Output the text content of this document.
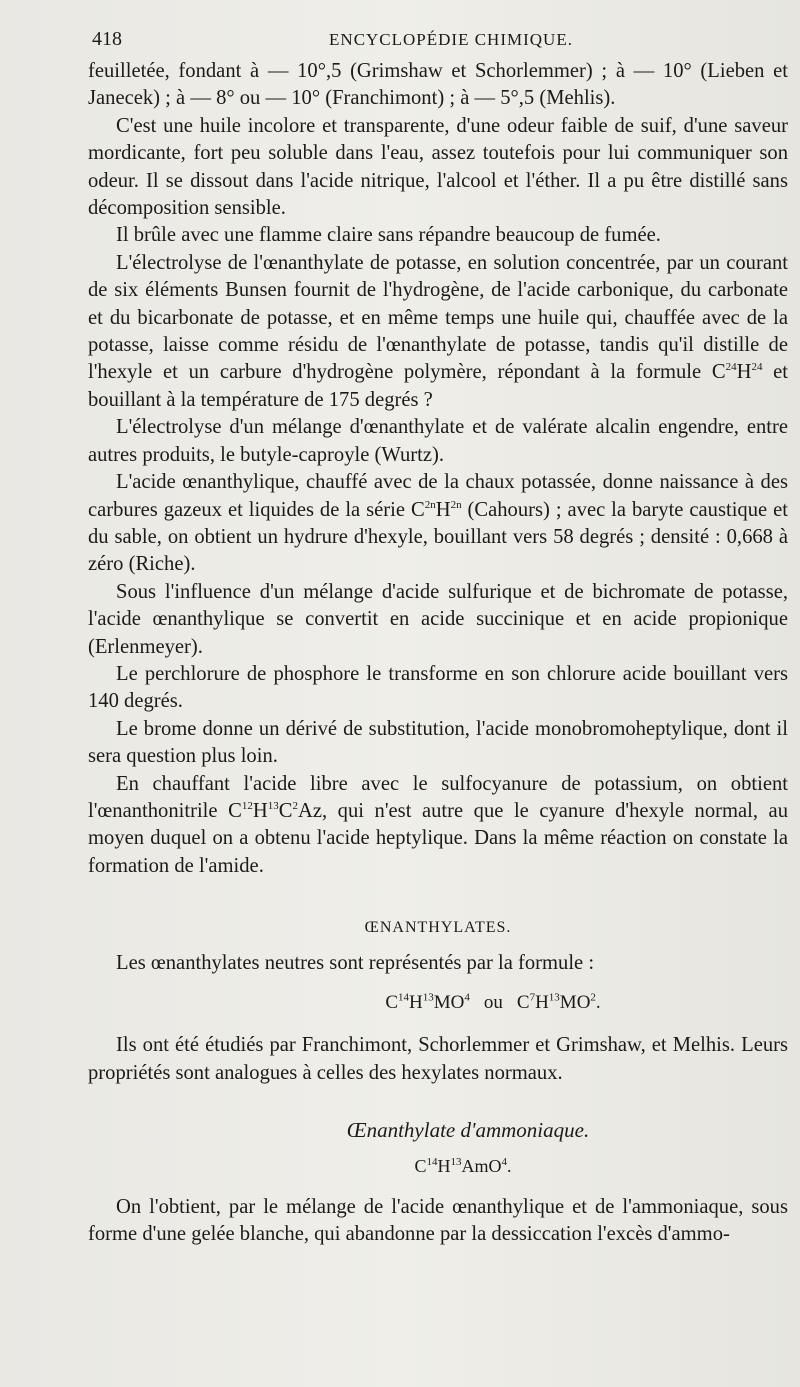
418	ENCYCLOPÉDIE CHIMIQUE.

feuilletée, fondant à — 10°,5 (Grimshaw et Schorlemmer) ; à — 10° (Lieben et Janecek) ; à — 8° ou — 10° (Franchimont) ; à — 5°,5 (Mehlis).

C'est une huile incolore et transparente, d'une odeur faible de suif, d'une saveur mordicante, fort peu soluble dans l'eau, assez toutefois pour lui communiquer son odeur. Il se dissout dans l'acide nitrique, l'alcool et l'éther. Il a pu être distillé sans décomposition sensible.

Il brûle avec une flamme claire sans répandre beaucoup de fumée.

L'électrolyse de l'œnanthylate de potasse, en solution concentrée, par un courant de six éléments Bunsen fournit de l'hydrogène, de l'acide carbonique, du carbonate et du bicarbonate de potasse, et en même temps une huile qui, chauffée avec de la potasse, laisse comme résidu de l'œnanthylate de potasse, tandis qu'il distille de l'hexyle et un carbure d'hydrogène polymère, répondant à la formule $C^{24}H^{24}$ et bouillant à la température de 175 degrés ?

L'électrolyse d'un mélange d'œnanthylate et de valérate alcalin engendre, entre autres produits, le butyle-caproyle (Wurtz).

L'acide œnanthylique, chauffé avec de la chaux potassée, donne naissance à des carbures gazeux et liquides de la série $C^{2n}H^{2n}$ (Cahours) ; avec la baryte caustique et du sable, on obtient un hydrure d'hexyle, bouillant vers 58 degrés ; densité : 0,668 à zéro (Riche).

Sous l'influence d'un mélange d'acide sulfurique et de bichromate de potasse, l'acide œnanthylique se convertit en acide succinique et en acide propionique (Erlenmeyer).

Le perchlorure de phosphore le transforme en son chlorure acide bouillant vers 140 degrés.

Le brome donne un dérivé de substitution, l'acide monobromoheptylique, dont il sera question plus loin.

En chauffant l'acide libre avec le sulfocyanure de potassium, on obtient l'œnanthonitrile $C^{12}H^{13}C^2Az$, qui n'est autre que le cyanure d'hexyle normal, au moyen duquel on a obtenu l'acide heptylique. Dans la même réaction on constate la formation de l'amide.

ŒNANTHYLATES.

Les œnanthylates neutres sont représentés par la formule :

$C^{14}H^{13}MO^4$ ou $C^7H^{13}MO^2$.

Ils ont été étudiés par Franchimont, Schorlemmer et Grimshaw, et Melhis. Leurs propriétés sont analogues à celles des hexylates normaux.

Œnanthylate d'ammoniaque.

$C^{14}H^{13}AmO^4$.

On l'obtient, par le mélange de l'acide œnanthylique et de l'ammoniaque, sous forme d'une gelée blanche, qui abandonne par la dessiccation l'excès d'ammo-
